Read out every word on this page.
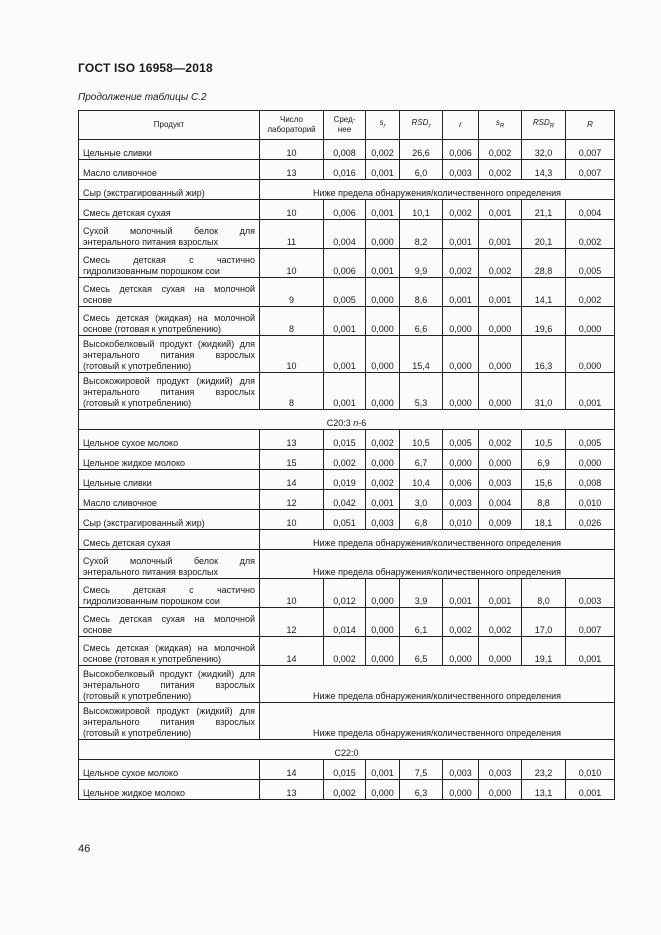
ГОСТ ISO 16958—2018
Продолжение таблицы С.2
Продукт	Число лабораторий	Сред-нее	$s_r$	$RSD_r$	r	$s_R$	$RSD_R$	R
Цельные сливки	10	0,008	0,002	26,6	0,006	0,002	32,0	0,007
Масло сливочное	13	0,016	0,001	6,0	0,003	0,002	14,3	0,007
Сыр (экстрагированный жир)	Ниже предела обнаружения/количественного определения							
Смесь детская сухая	10	0,006	0,001	10,1	0,002	0,001	21,1	0,004
Сухой молочный белок для энтерального питания взрослых	11	0,004	0,000	8,2	0,001	0,001	20,1	0,002
Смесь детская с частично гидролизованным порошком сои	10	0,006	0,001	9,9	0,002	0,002	28,8	0,005
Смесь детская сухая на молочной основе	9	0,005	0,000	8,6	0,001	0,001	14,1	0,002
Смесь детская (жидкая) на молочной основе (готовая к употреблению)	8	0,001	0,000	6,6	0,000	0,000	19,6	0,000
Высокобелковый продукт (жидкий) для энтерального питания взрослых (готовый к употреблению)	10	0,001	0,000	15,4	0,000	0,000	16,3	0,000
Высокожировой продукт (жидкий) для энтерального питания взрослых (готовый к употреблению)	8	0,001	0,000	5,3	0,000	0,000	31,0	0,001
C20:3 n-6								
Цельное сухое молоко	13	0,015	0,002	10,5	0,005	0,002	10,5	0,005
Цельное жидкое молоко	15	0,002	0,000	6,7	0,000	0,000	6,9	0,000
Цельные сливки	14	0,019	0,002	10,4	0,006	0,003	15,6	0,008
Масло сливочное	12	0,042	0,001	3,0	0,003	0,004	8,8	0,010
Сыр (экстрагированный жир)	10	0,051	0,003	6,8	0,010	0,009	18,1	0,026
Смесь детская сухая	Ниже предела обнаружения/количественного определения							
Сухой молочный белок для энтерального питания взрослых	Ниже предела обнаружения/количественного определения							
Смесь детская с частично гидролизованным порошком сои	10	0,012	0,000	3,9	0,001	0,001	8,0	0,003
Смесь детская сухая на молочной основе	12	0,014	0,000	6,1	0,002	0,002	17,0	0,007
Смесь детская (жидкая) на молочной основе (готовая к употреблению)	14	0,002	0,000	6,5	0,000	0,000	19,1	0,001
Высокобелковый продукт (жидкий) для энтерального питания взрослых (готовый к употреблению)	Ниже предела обнаружения/количественного определения							
Высокожировой продукт (жидкий) для энтерального питания взрослых (готовый к употреблению)	Ниже предела обнаружения/количественного определения							
C22:0								
Цельное сухое молоко	14	0,015	0,001	7,5	0,003	0,003	23,2	0,010
Цельное жидкое молоко	13	0,002	0,000	6,3	0,000	0,000	13,1	0,001
46
